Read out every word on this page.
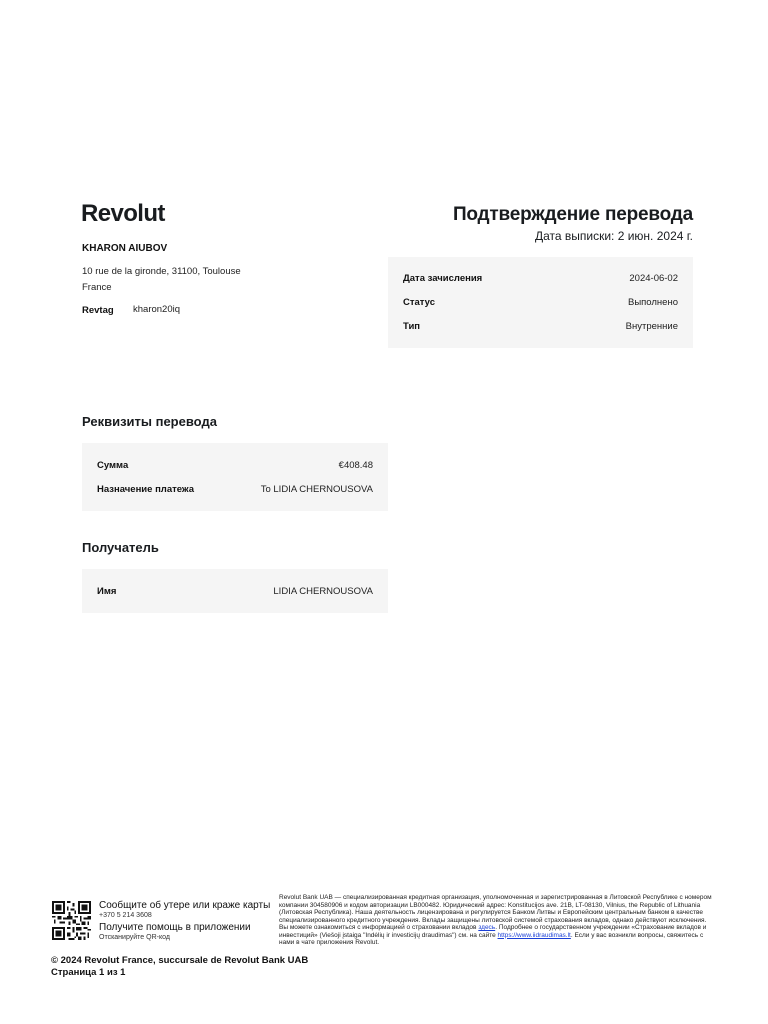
Revolut	Подтверждение перевода
Дата выписки: 2 июн. 2024 г.
KHARON AIUBOV
10 rue de la gironde, 31100, Toulouse
France
Revtag kharon20iq
Дата зачисления	2024-06-02
Статус	Выполнено
Тип	Внутренние
Реквизиты перевода
Сумма	€408.48
Назначение платежа	To LIDIA CHERNOUSOVA
Получатель
Имя	LIDIA CHERNOUSOVA
Сообщите об утере или краже карты
+370 5 214 3608
Получите помощь в приложении
Отсканируйте QR-код
Revolut Bank UAB — специализированная кредитная организация, уполномоченная и зарегистрированная в Литовской Республике с номером компании 304580906 и кодом авторизации LB000482. Юридический адрес: Konstitucijos ave. 21B, LT-08130, Vilnius, the Republic of Lithuania (Литовская Республика). Наша деятельность лицензирована и регулируется Банком Литвы и Европейским центральным банком в качестве специализированного кредитного учреждения. Вклады защищены литовской системой страхования вкладов, однако действуют исключения. Вы можете ознакомиться с информацией о страховании вкладов здесь. Подробнее о государственном учреждении «Страхование вкладов и инвестиций» (Viešoji įstaiga "Indėlių ir investicijų draudimas") см. на сайте https://www.iidraudimas.lt. Если у вас возникли вопросы, свяжитесь с нами в чате приложения Revolut.
© 2024 Revolut France, succursale de Revolut Bank UAB
Страница 1 из 1
